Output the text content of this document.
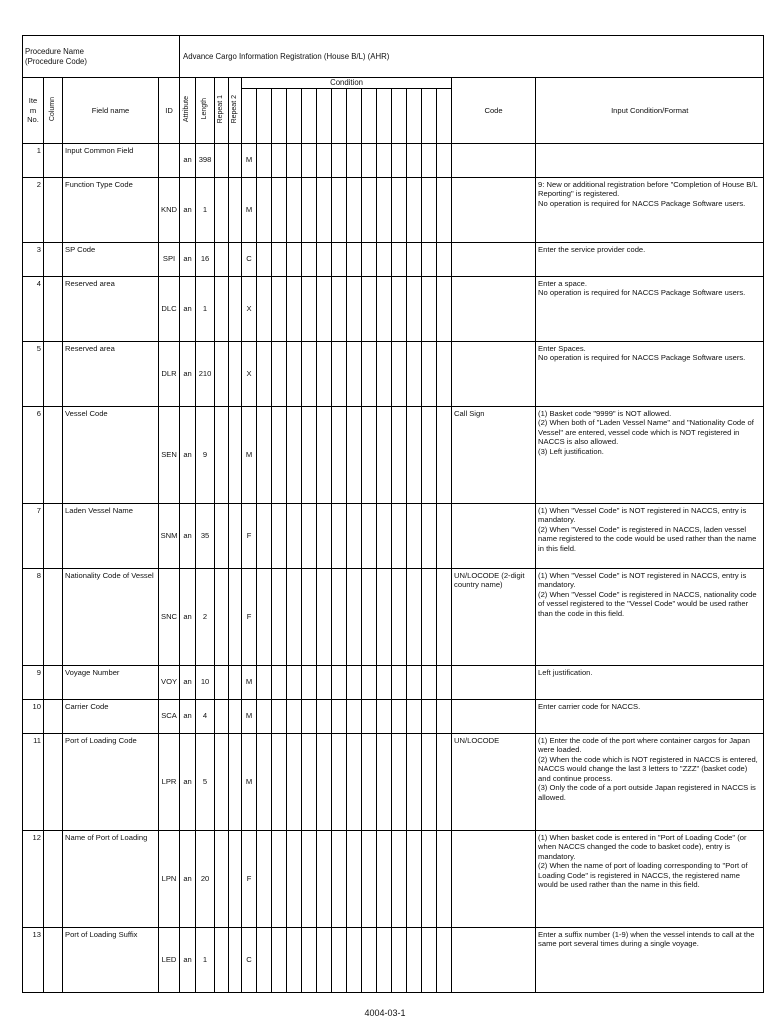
Procedure Name
(Procedure Code)				Advance Cargo Information Registration (House B/L) (AHR)																			
Ite
m
No.	Column	Field name	ID	Attribute	Length	Repeat 1	Repeat 2	Condition														Code	Input Condition/Format

1		Input Common Field		an	398			M															
2		Function Type Code	KND	an	1			M															9: New or additional registration before "Completion of House B/L Reporting" is registered.
No operation is required for NACCS Package Software users.
3		SP Code	SPI	an	16			C															Enter the service provider code.
4		Reserved area	DLC	an	1			X															Enter a space.
No operation is required for NACCS Package Software users.
5		Reserved area	DLR	an	210			X															Enter Spaces.
No operation is required for NACCS Package Software users.
6		Vessel Code	SEN	an	9			M														Call Sign	(1) Basket code "9999" is NOT allowed.
(2) When both of "Laden Vessel Name" and "Nationality Code of Vessel" are entered, vessel code which is NOT registered in NACCS is also allowed.
(3) Left justification.
7		Laden Vessel Name	SNM	an	35			F															(1) When "Vessel Code" is NOT registered in NACCS, entry is mandatory.
(2) When "Vessel Code" is registered in NACCS, laden vessel name registered to the code would be used rather than the name in this field.
8		Nationality Code of Vessel	SNC	an	2			F														UN/LOCODE (2-digit country name)	(1) When "Vessel Code" is NOT registered in NACCS, entry is mandatory.
(2) When "Vessel Code" is registered in NACCS, nationality code of vessel registered to the "Vessel Code" would be used rather than the code in this field.
9		Voyage Number	VOY	an	10			M															Left justification.
10		Carrier Code	SCA	an	4			M															Enter carrier code for NACCS.
11		Port of Loading Code	LPR	an	5			M														UN/LOCODE	(1) Enter the code of the port where container cargos for Japan were loaded.
(2) When the code which is NOT registered in NACCS is entered, NACCS would change the last 3 letters to "ZZZ" (basket code) and continue process.
(3) Only the code of a port outside Japan registered in NACCS is allowed.
12		Name of Port of Loading	LPN	an	20			F															(1) When basket code is entered in "Port of Loading Code" (or when NACCS changed the code to basket code), entry is mandatory.
(2) When the name of port of loading corresponding to "Port of Loading Code" is registered in NACCS, the registered name would be used rather than the name in this field.
13		Port of Loading Suffix	LED	an	1			C															Enter a suffix number (1-9) when the vessel intends to call at the same port several times during a single voyage.
4004-03-1
